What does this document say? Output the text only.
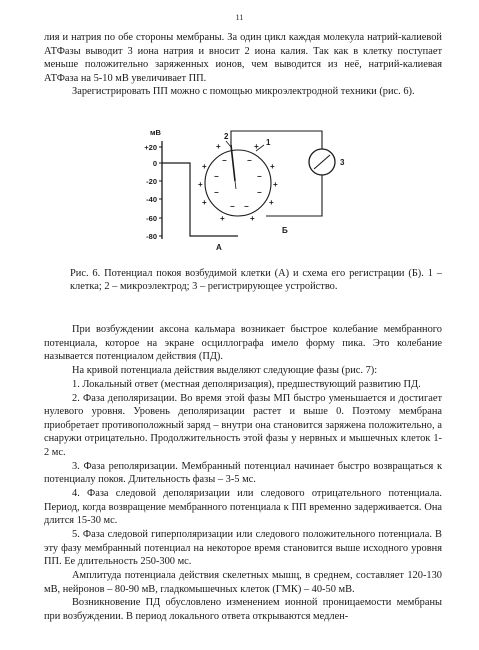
11

лия и натрия по обе стороны мембраны. За один цикл каждая молекула натрий-калиевой АТФазы выводит 3 иона натрия и вносит 2 иона калия. Так как в клетку поступает меньше положительно заряженных ионов, чем выводится из неё, натрий-калиевая АТФаза на 5-10 мВ увеличивает ПП.

Зарегистрировать ПП можно с помощью микроэлектродной техники (рис. 6).

мВ
+20
0
-20
-40
-60
-80
А
+	+
+	+
+	+
+	+
+	+
−	−
−	−
−	−
− −
2
3
1
Б

Рис. 6. Потенциал покоя возбудимой клетки (А) и схема его регистрации (Б). 1 – клетка; 2 – микроэлектрод; 3 – регистрирующее устройство.

При возбуждении аксона кальмара возникает быстрое колебание мембранного потенциала, которое на экране осциллографа имело форму пика. Это колебание называется потенциалом действия (ПД).

На кривой потенциала действия выделяют следующие фазы (рис. 7):

1. Локальный ответ (местная деполяризация), предшествующий развитию ПД.

2. Фаза деполяризации. Во время этой фазы МП быстро уменьшается и достигает нулевого уровня. Уровень деполяризации растет и выше 0. Поэтому мембрана приобретает противоположный заряд – внутри она становится заряжена положительно, а снаружи отрицательно. Продолжительность этой фазы у нервных и мышечных клеток 1-2 мс.

3. Фаза реполяризации. Мембранный потенциал начинает быстро возвращаться к потенциалу покоя. Длительность фазы – 3-5 мс.

4. Фаза следовой деполяризации или следового отрицательного потенциала. Период, когда возвращение мембранного потенциала к ПП временно задерживается. Она длится 15-30 мс.

5. Фаза следовой гиперполяризации или следового положительного потенциала. В эту фазу мембранный потенциал на некоторое время становится выше исходного уровня ПП. Ее длительность 250-300 мс.

Амплитуда потенциала действия скелетных мышц, в среднем, составляет 120-130 мВ, нейронов – 80-90 мВ, гладкомышечных клеток (ГМК) – 40-50 мВ.

Возникновение ПД обусловлено изменением ионной проницаемости мембраны при возбуждении. В период локального ответа открываются медлен-
